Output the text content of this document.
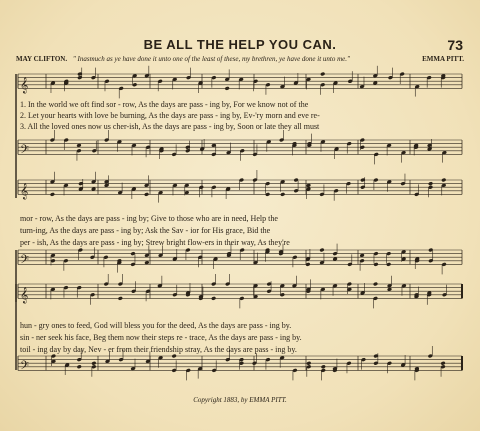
BE ALL THE HELP YOU CAN.	73
MAY CLIFTON. " Inasmuch as ye have done it unto one of the least of these, my brethren, ye have done it unto me."	EMMA PITT.
𝄞
𝄢
𝄞
𝄢
𝄞
𝄢
1. In the world we oft find sor - row, As the days are pass - ing by, For we know not of the
2. Let your hearts with love be burning, As the days are pass - ing by, Ev-'ry morn and eve re-
3. All the loved ones now us cher-ish, As the days are pass - ing by, Soon or late they all must
mor - row, As the days are pass - ing by; Give to those who are in need, Help the
turn-ing, As the days are pass - ing by; Ask the Sav - ior for His grace, Bid the
per - ish, As the days are pass - ing by; Strew bright flow-ers in their way, As they're
hun - gry ones to feed, God will bless you for the deed, As the days are pass - ing by.
sin - ner seek his face, Beg them now their steps re - trace, As the days are pass - ing by.
toil - ing day by day, Nev - er from their friendship stray, As the days are pass - ing by.
Copyright 1883, by EMMA PITT.
